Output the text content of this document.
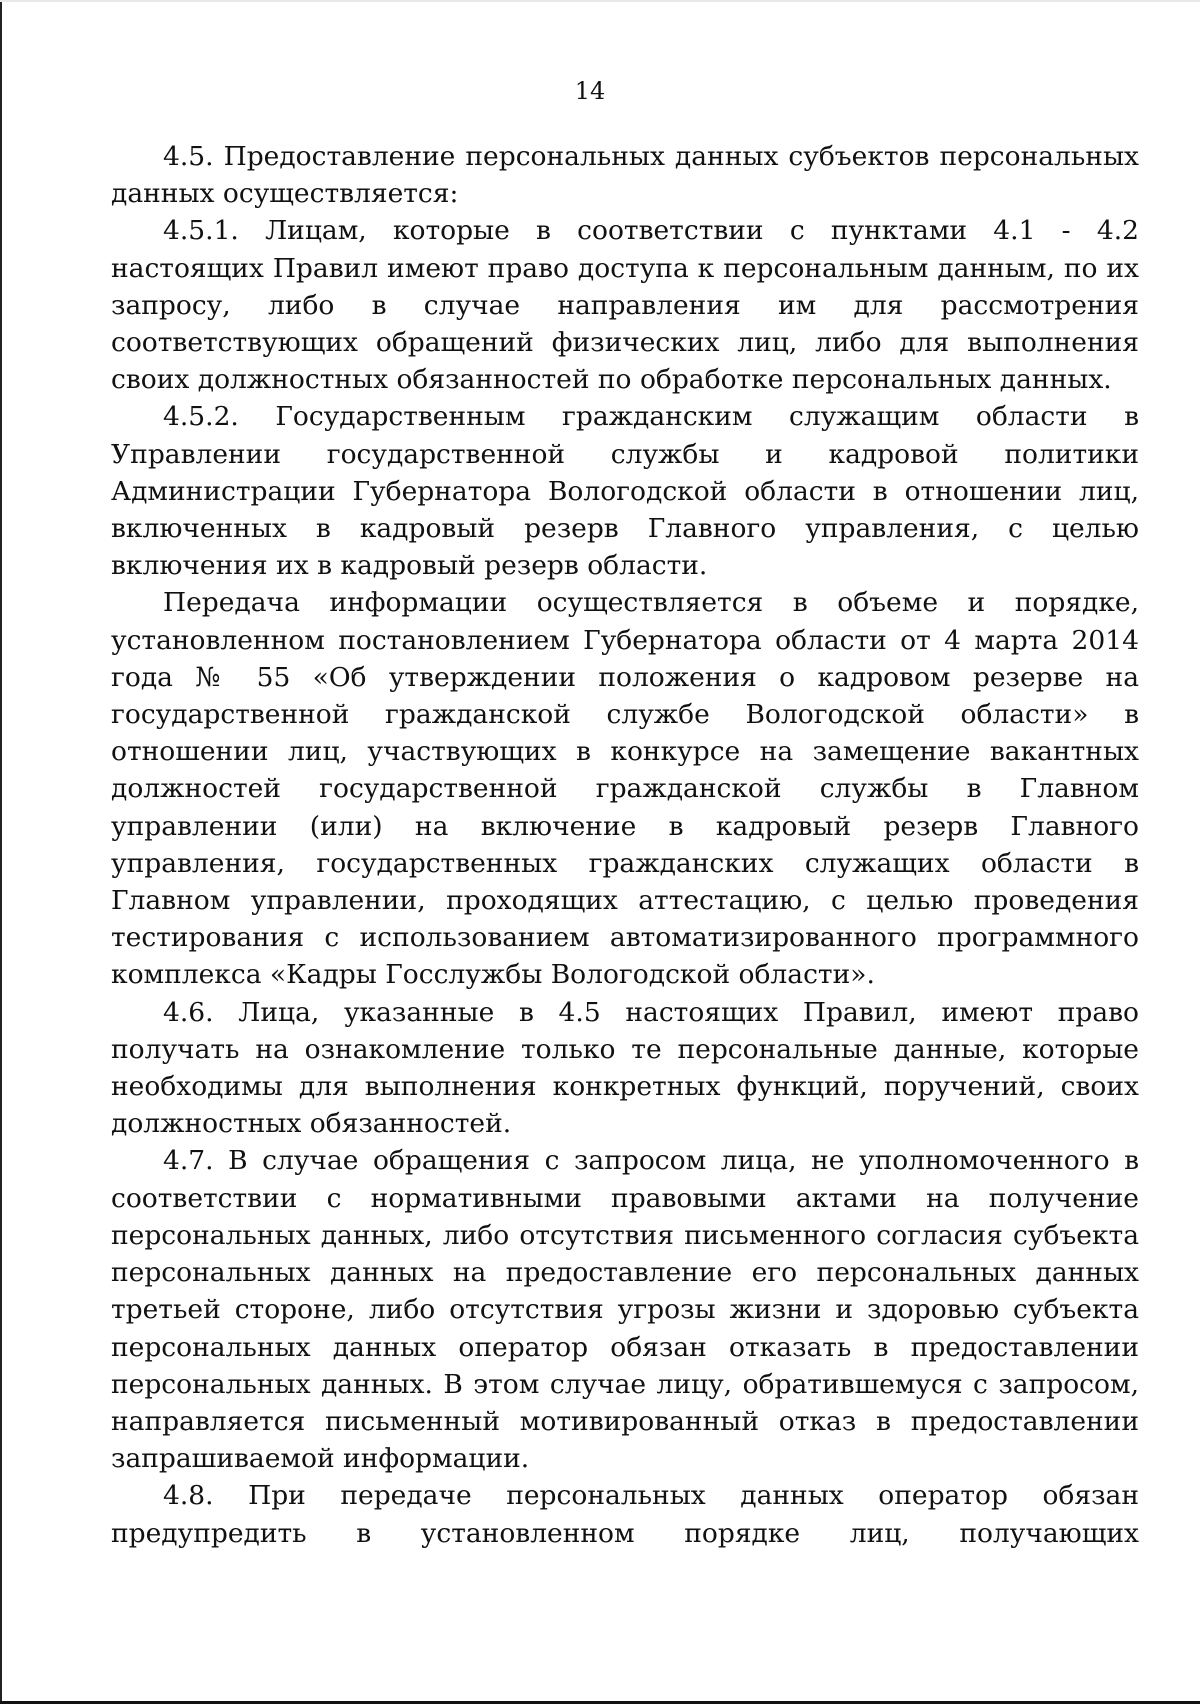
14

4.5. Предоставление персональных данных субъектов персональных данных осуществляется:

4.5.1. Лицам, которые в соответствии с пунктами 4.1 - 4.2 настоящих Правил имеют право доступа к персональным данным, по их запросу, либо в случае направления им для рассмотрения соответствующих обращений физических лиц, либо для выполнения своих должностных обязанностей по обработке персональных данных.

4.5.2. Государственным гражданским служащим области в Управлении государственной службы и кадровой политики Администрации Губернатора Вологодской области в отношении лиц, включенных в кадровый резерв Главного управления, с целью включения их в кадровый резерв области.

Передача информации осуществляется в объеме и порядке, установленном постановлением Губернатора области от 4 марта 2014 года № 55 «Об утверждении положения о кадровом резерве на государственной гражданской службе Вологодской области» в отношении лиц, участвующих в конкурсе на замещение вакантных должностей государственной гражданской службы в Главном управлении (или) на включение в кадровый резерв Главного управления, государственных гражданских служащих области в Главном управлении, проходящих аттестацию, с целью проведения тестирования с использованием автоматизированного программного комплекса «Кадры Госслужбы Вологодской области».

4.6. Лица, указанные в 4.5 настоящих Правил, имеют право получать на ознакомление только те персональные данные, которые необходимы для выполнения конкретных функций, поручений, своих должностных обязанностей.

4.7. В случае обращения с запросом лица, не уполномоченного в соответствии с нормативными правовыми актами на получение персональных данных, либо отсутствия письменного согласия субъекта персональных данных на предоставление его персональных данных третьей стороне, либо отсутствия угрозы жизни и здоровью субъекта персональных данных оператор обязан отказать в предоставлении персональных данных. В этом случае лицу, обратившемуся с запросом, направляется письменный мотивированный отказ в предоставлении запрашиваемой информации.

4.8. При передаче персональных данных оператор обязан предупредить в установленном порядке лиц, получающих
